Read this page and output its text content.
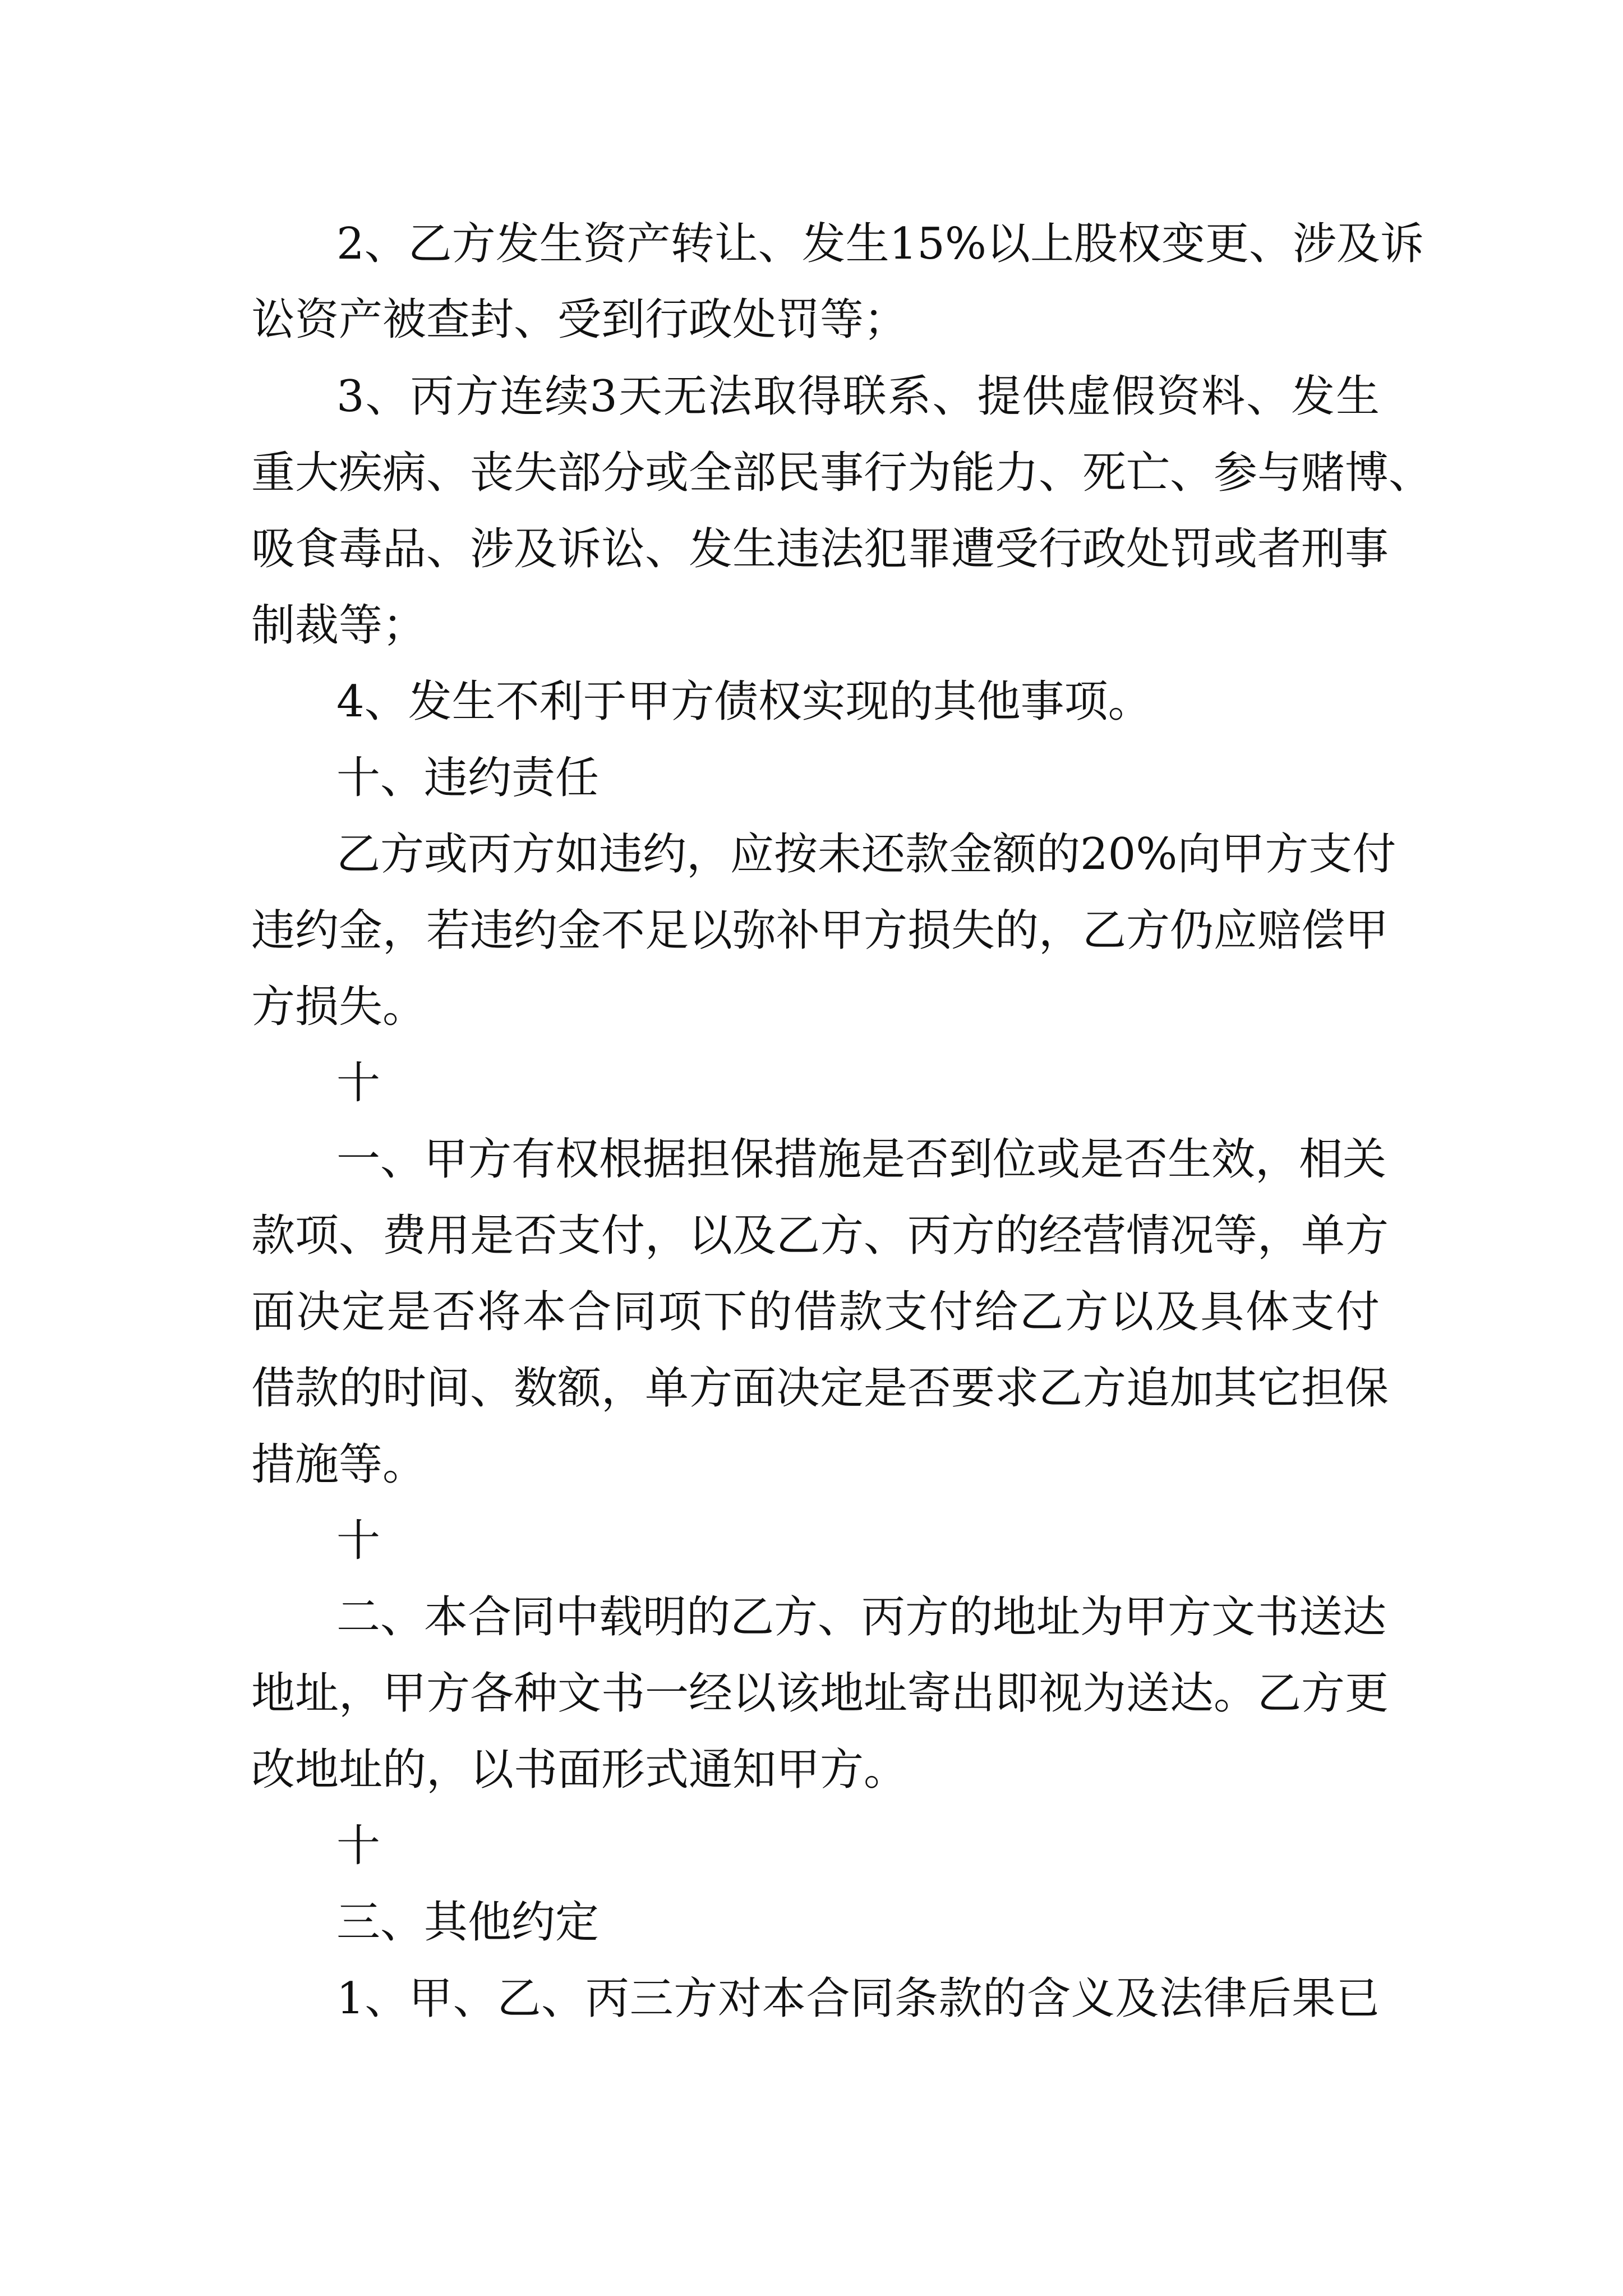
2、乙方发生资产转让、发生15%以上股权变更、涉及诉

讼资产被查封、受到行政处罚等；

3、丙方连续3天无法取得联系、提供虚假资料、发生

重大疾病、丧失部分或全部民事行为能力、死亡、参与赌博、

吸食毒品、涉及诉讼、发生违法犯罪遭受行政处罚或者刑事

制裁等；

4、发生不利于甲方债权实现的其他事项。

十、违约责任

乙方或丙方如违约，应按未还款金额的20%向甲方支付

违约金，若违约金不足以弥补甲方损失的，乙方仍应赔偿甲

方损失。

十

一、甲方有权根据担保措施是否到位或是否生效，相关

款项、费用是否支付，以及乙方、丙方的经营情况等，单方

面决定是否将本合同项下的借款支付给乙方以及具体支付

借款的时间、数额，单方面决定是否要求乙方追加其它担保

措施等。

十

二、本合同中载明的乙方、丙方的地址为甲方文书送达

地址，甲方各种文书一经以该地址寄出即视为送达。乙方更

改地址的，以书面形式通知甲方。

十

三、其他约定

1、甲、乙、丙三方对本合同条款的含义及法律后果已
